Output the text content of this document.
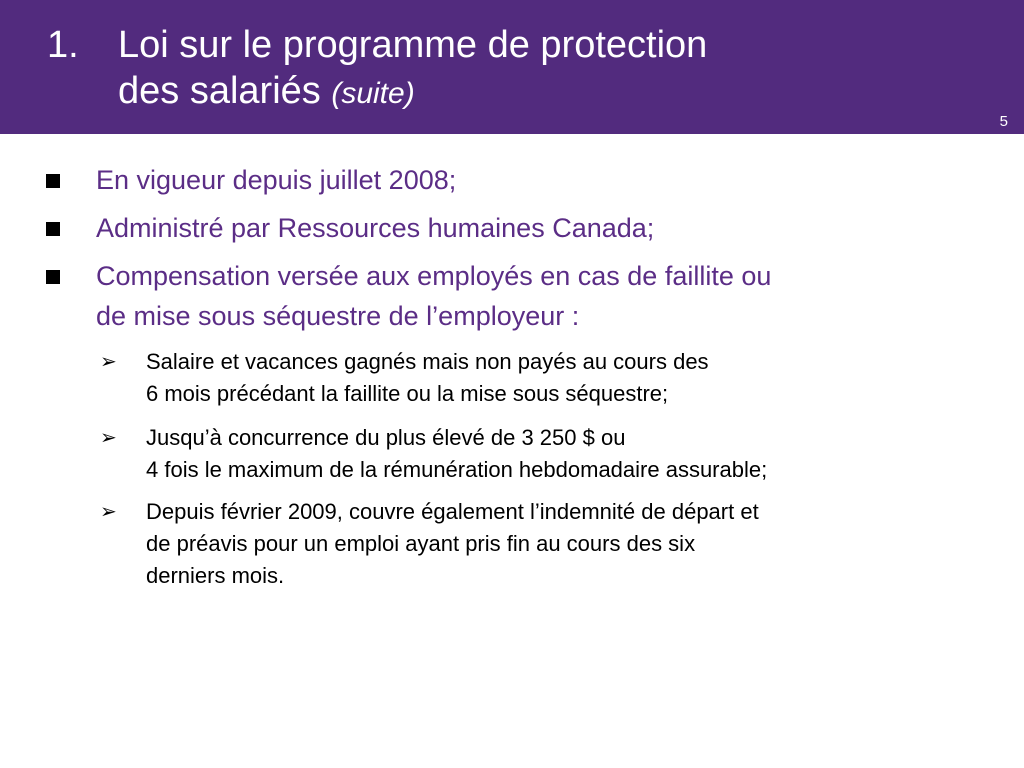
1. Loi sur le programme de protection
des salariés (suite)
5
En vigueur depuis juillet 2008;
Administré par Ressources humaines Canada;
Compensation versée aux employés en cas de faillite ou
de mise sous séquestre de l’employeur :
➢ Salaire et vacances gagnés mais non payés au cours des
6 mois précédant la faillite ou la mise sous séquestre;
➢ Jusqu’à concurrence du plus élevé de 3 250 $ ou
4 fois le maximum de la rémunération hebdomadaire assurable;
➢ Depuis février 2009, couvre également l’indemnité de départ et
de préavis pour un emploi ayant pris fin au cours des six
derniers mois.
